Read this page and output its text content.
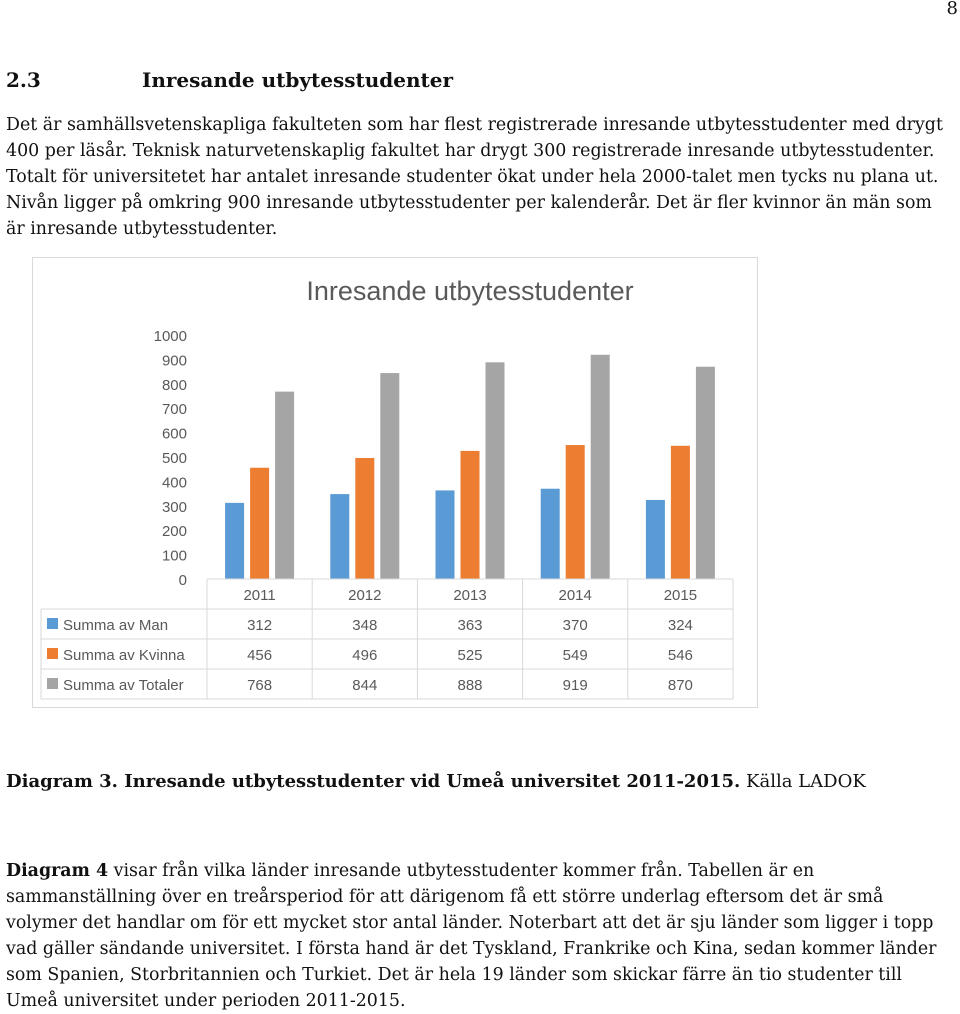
8
2.3	Inresande utbytesstudenter

Det är samhällsvetenskapliga fakulteten som har flest registrerade inresande utbytesstudenter med drygt 400 per läsår. Teknisk naturvetenskaplig fakultet har drygt 300 registrerade inresande utbytesstudenter. Totalt för universitetet har antalet inresande studenter ökat under hela 2000-talet men tycks nu plana ut. Nivån ligger på omkring 900 inresande utbytesstudenter per kalenderår. Det är fler kvinnor än män som är inresande utbytesstudenter.

Inresande utbytesstudenter
0
100
200
300
400
500
600
700
800
900
1000
2011	2012	2013	2014	2015
Summa av Man	312	348	363	370	324
Summa av Kvinna	456	496	525	549	546
Summa av Totaler	768	844	888	919	870
Diagram 3. Inresande utbytesstudenter vid Umeå universitet 2011-2015. Källa LADOK

Diagram 4 visar från vilka länder inresande utbytesstudenter kommer från. Tabellen är en sammanställning över en treårsperiod för att därigenom få ett större underlag eftersom det är små volymer det handlar om för ett mycket stor antal länder. Noterbart att det är sju länder som ligger i topp vad gäller sändande universitet. I första hand är det Tyskland, Frankrike och Kina, sedan kommer länder som Spanien, Storbritannien och Turkiet. Det är hela 19 länder som skickar färre än tio studenter till Umeå universitet under perioden 2011-2015.
